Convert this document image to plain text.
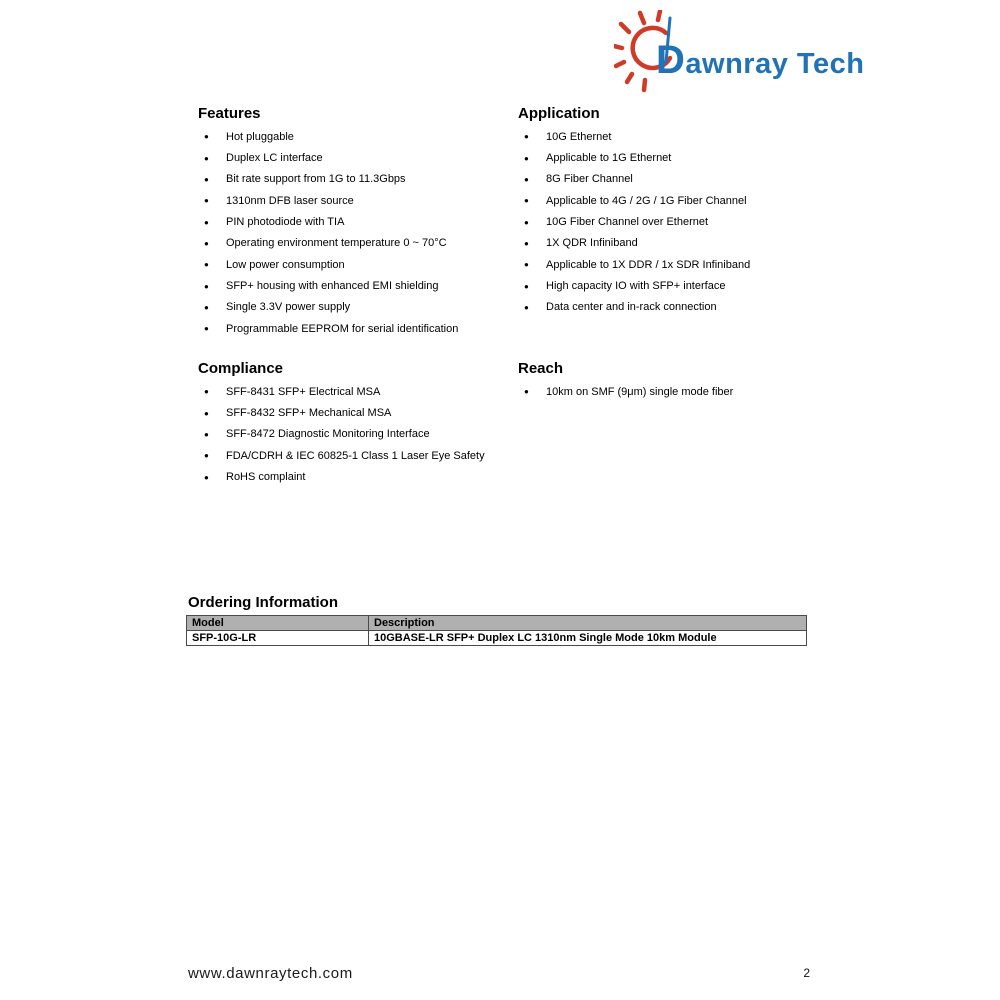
Dawnray Tech
Features
● Hot pluggable
● Duplex LC interface
● Bit rate support from 1G to 11.3Gbps
● 1310nm DFB laser source
● PIN photodiode with TIA
● Operating environment temperature 0 ~ 70°C
● Low power consumption
● SFP+ housing with enhanced EMI shielding
● Single 3.3V power supply
● Programmable EEPROM for serial identification
Application
● 10G Ethernet
● Applicable to 1G Ethernet
● 8G Fiber Channel
● Applicable to 4G / 2G / 1G Fiber Channel
● 10G Fiber Channel over Ethernet
● 1X QDR Infiniband
● Applicable to 1X DDR / 1x SDR Infiniband
● High capacity IO with SFP+ interface
● Data center and in-rack connection
Compliance
● SFF-8431 SFP+ Electrical MSA
● SFF-8432 SFP+ Mechanical MSA
● SFF-8472 Diagnostic Monitoring Interface
● FDA/CDRH & IEC 60825-1 Class 1 Laser Eye Safety
● RoHS complaint
Reach
● 10km on SMF (9μm) single mode fiber
Ordering Information
Model	Description
SFP-10G-LR	10GBASE-LR SFP+ Duplex LC 1310nm Single Mode 10km Module
www.dawnraytech.com	2
